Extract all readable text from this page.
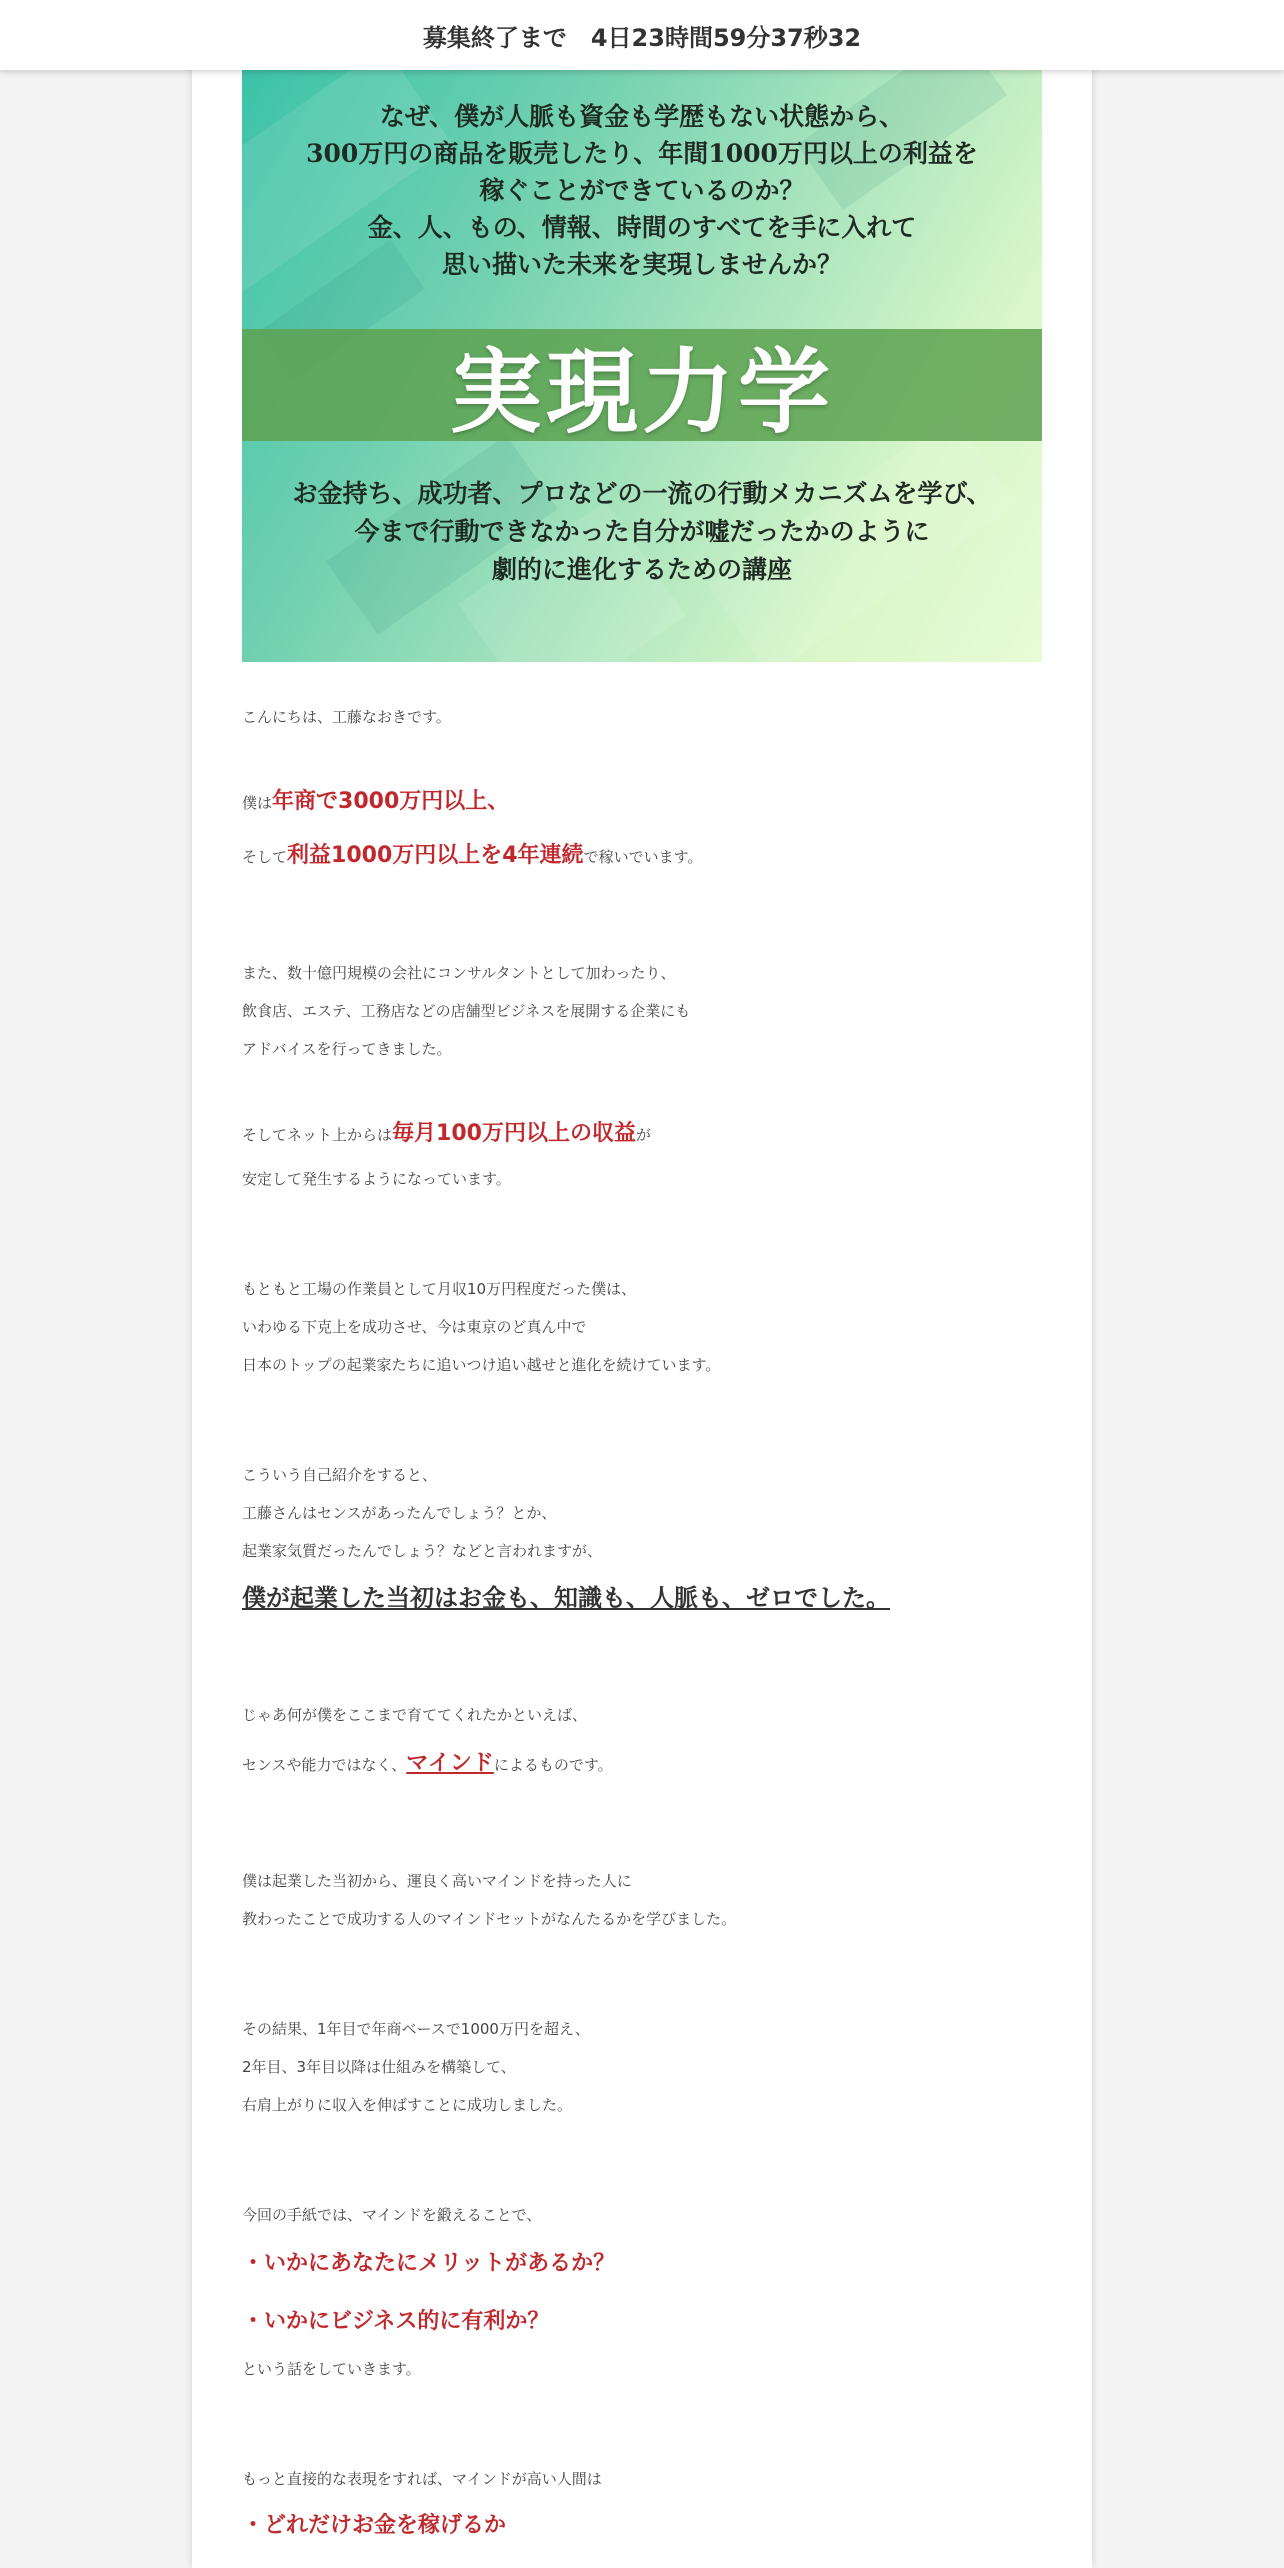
募集終了まで　4日23時間59分37秒32
なぜ、僕が人脈も資金も学歴もない状態から、
300万円の商品を販売したり、年間1000万円以上の利益を
稼ぐことができているのか？
金、人、もの、情報、時間のすべてを手に入れて
思い描いた未来を実現しませんか？
実現力学
お金持ち、成功者、プロなどの一流の行動メカニズムを学び、
今まで行動できなかった自分が嘘だったかのように
劇的に進化するための講座
こんにちは、工藤なおきです。
僕は年商で3000万円以上、
そして利益1000万円以上を4年連続で稼いでいます。
また、数十億円規模の会社にコンサルタントとして加わったり、
飲食店、エステ、工務店などの店舗型ビジネスを展開する企業にも
アドバイスを行ってきました。
そしてネット上からは毎月100万円以上の収益が
安定して発生するようになっています。
もともと工場の作業員として月収10万円程度だった僕は、
いわゆる下克上を成功させ、今は東京のど真ん中で
日本のトップの起業家たちに追いつけ追い越せと進化を続けています。
こういう自己紹介をすると、
工藤さんはセンスがあったんでしょう？とか、
起業家気質だったんでしょう？などと言われますが、
僕が起業した当初はお金も、知識も、人脈も、ゼロでした。
じゃあ何が僕をここまで育ててくれたかといえば、
センスや能力ではなく、マインドによるものです。
僕は起業した当初から、運良く高いマインドを持った人に
教わったことで成功する人のマインドセットがなんたるかを学びました。
その結果、1年目で年商ベースで1000万円を超え、
2年目、3年目以降は仕組みを構築して、
右肩上がりに収入を伸ばすことに成功しました。
今回の手紙では、マインドを鍛えることで、
・いかにあなたにメリットがあるか？
・いかにビジネス的に有利か？
という話をしていきます。
もっと直接的な表現をすれば、マインドが高い人間は
・どれだけお金を稼げるか
